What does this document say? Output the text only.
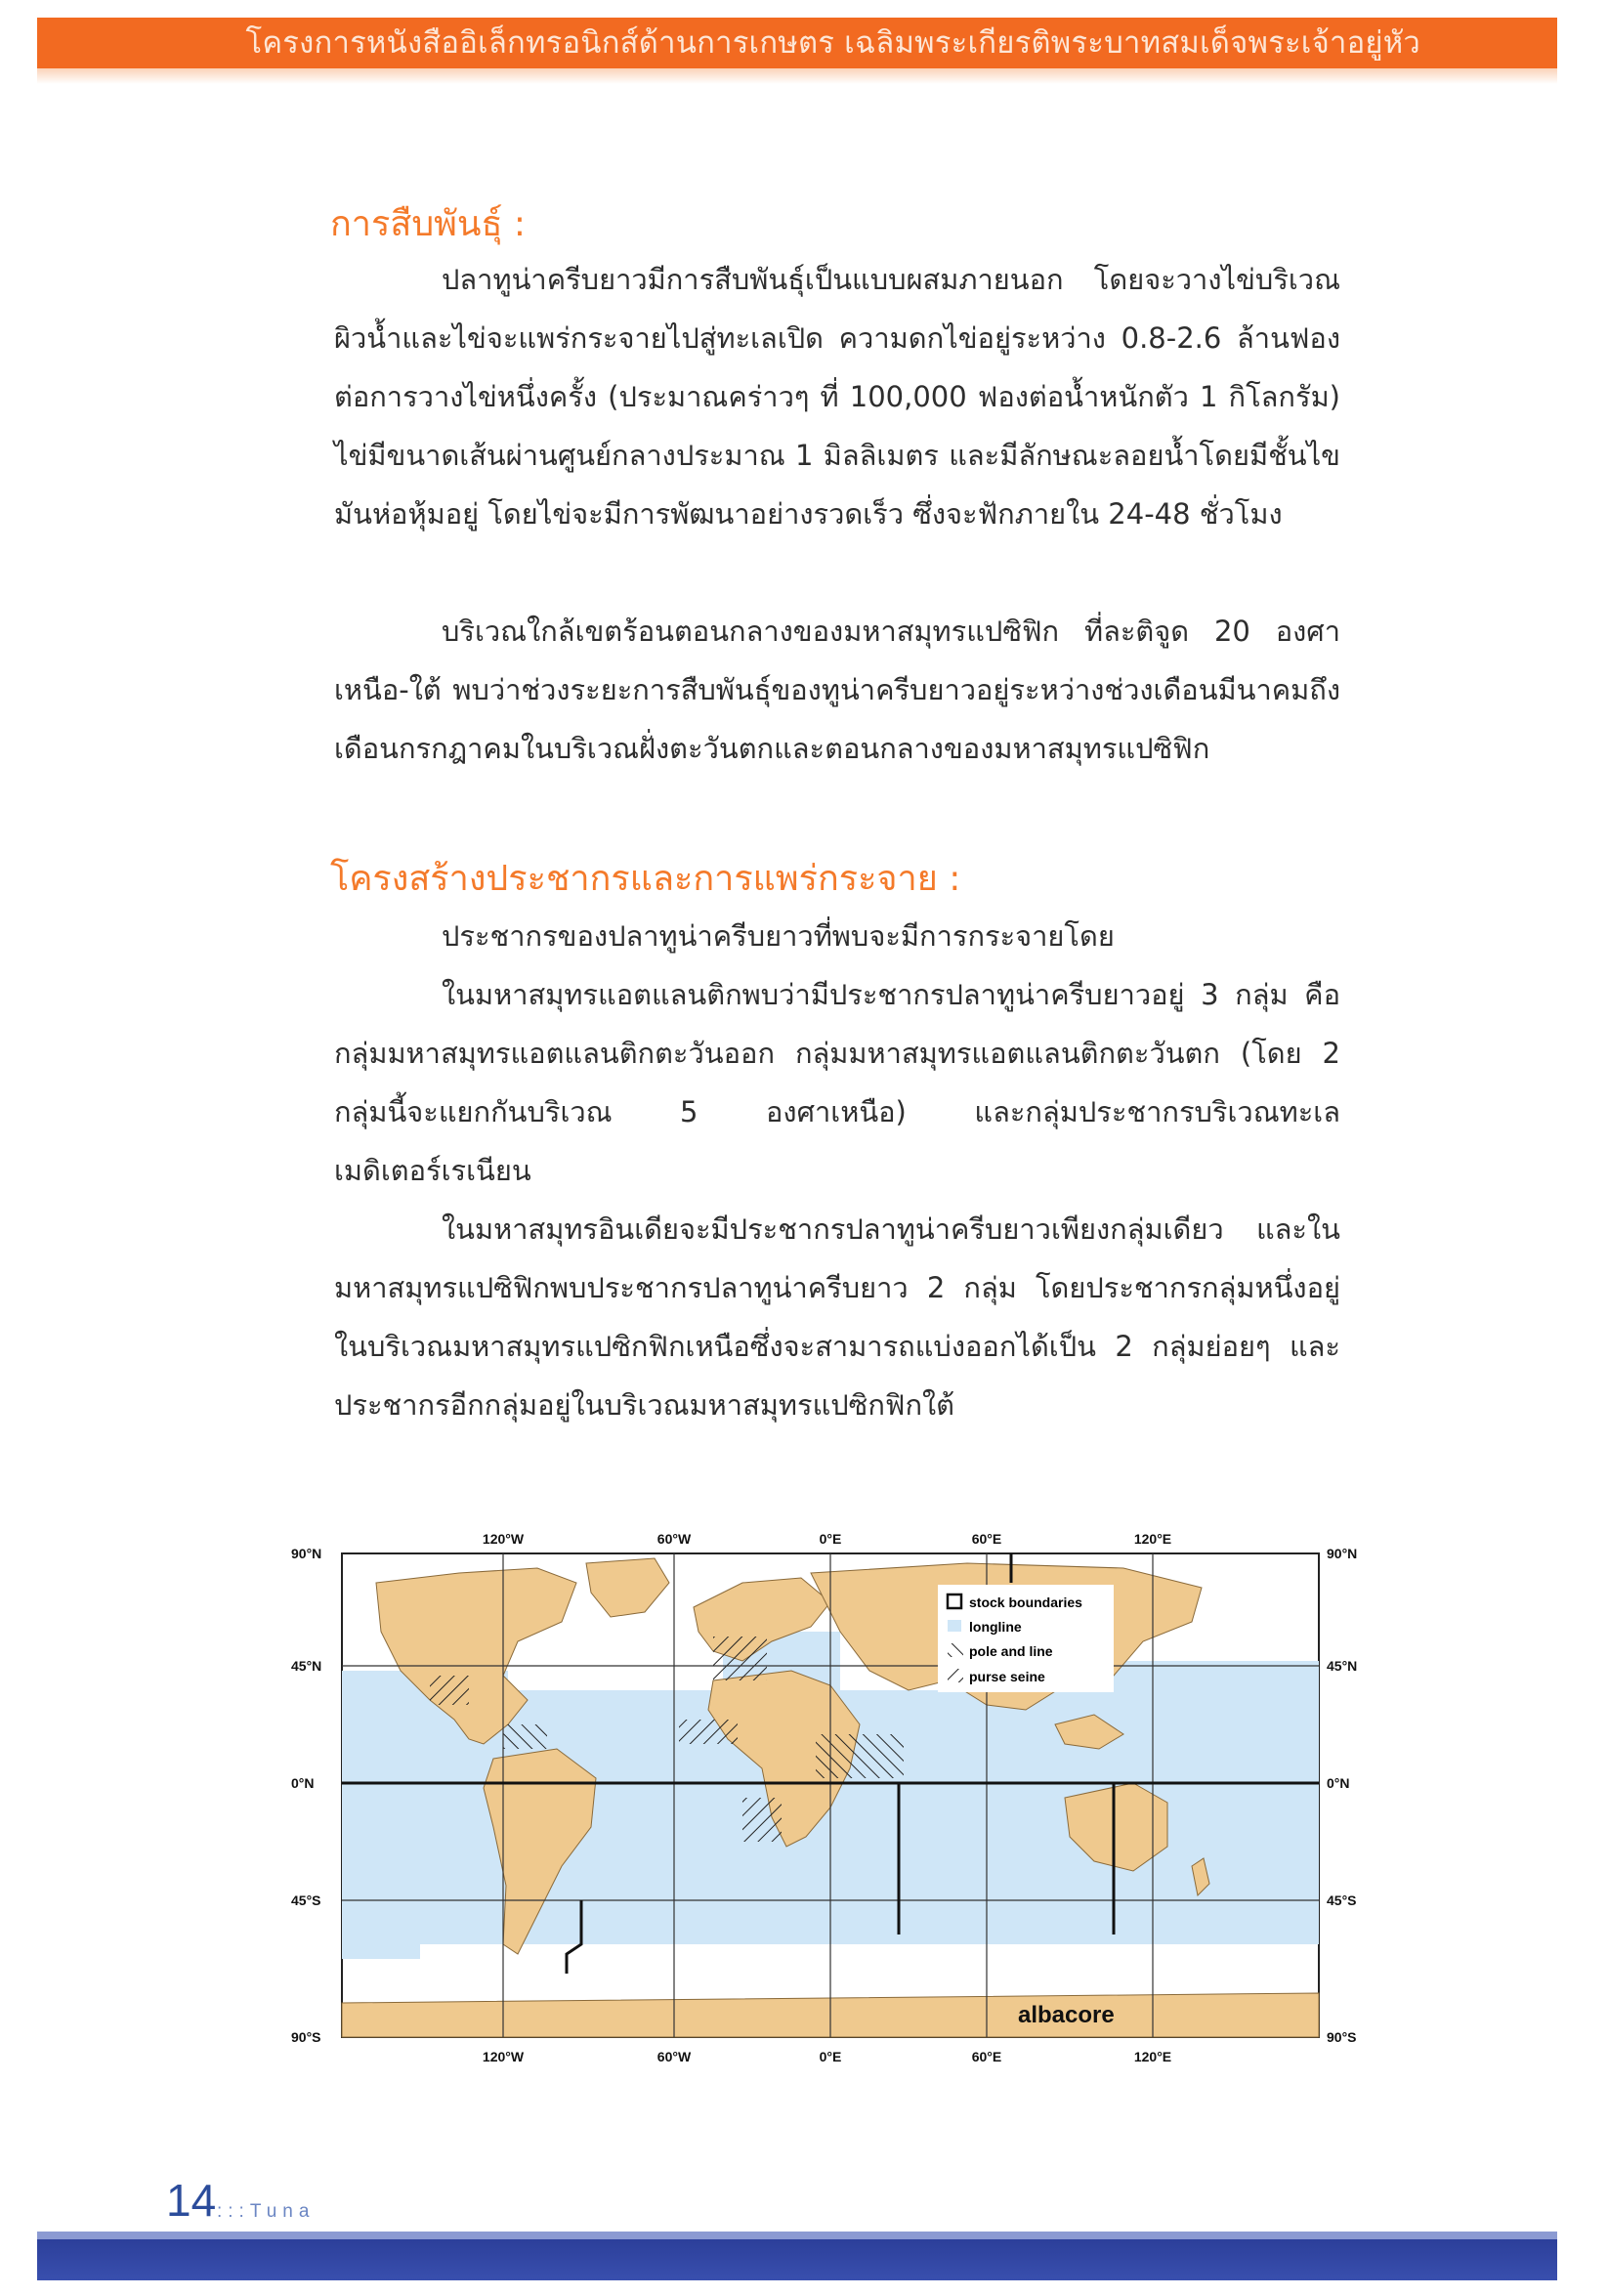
โครงการหนังสืออิเล็กทรอนิกส์ด้านการเกษตร เฉลิมพระเกียรติพระบาทสมเด็จพระเจ้าอยู่หัว
การสืบพันธุ์ :

ปลาทูน่าครีบยาวมีการสืบพันธุ์เป็นแบบผสมภายนอก โดยจะวางไข่บริเวณผิวน้ำและไข่จะแพร่กระจายไปสู่ทะเลเปิด ความดกไข่อยู่ระหว่าง 0.8-2.6 ล้านฟองต่อการวางไข่หนึ่งครั้ง (ประมาณคร่าวๆ ที่ 100,000 ฟองต่อน้ำหนักตัว 1 กิโลกรัม) ไข่มีขนาดเส้นผ่านศูนย์กลางประมาณ 1 มิลลิเมตร และมีลักษณะลอยน้ำโดยมีชั้นไขมันห่อหุ้มอยู่ โดยไข่จะมีการพัฒนาอย่างรวดเร็ว ซึ่งจะฟักภายใน 24-48 ชั่วโมง

บริเวณใกล้เขตร้อนตอนกลางของมหาสมุทรแปซิฟิก ที่ละติจูด 20 องศาเหนือ-ใต้ พบว่าช่วงระยะการสืบพันธุ์ของทูน่าครีบยาวอยู่ระหว่างช่วงเดือนมีนาคมถึงเดือนกรกฎาคมในบริเวณฝั่งตะวันตกและตอนกลางของมหาสมุทรแปซิฟิก

โครงสร้างประชากรและการแพร่กระจาย :

ประชากรของปลาทูน่าครีบยาวที่พบจะมีการกระจายโดย

ในมหาสมุทรแอตแลนติกพบว่ามีประชากรปลาทูน่าครีบยาวอยู่ 3 กลุ่ม คือ กลุ่มมหาสมุทรแอตแลนติกตะวันออก กลุ่มมหาสมุทรแอตแลนติกตะวันตก (โดย 2 กลุ่มนี้จะแยกกันบริเวณ 5 องศาเหนือ) และกลุ่มประชากรบริเวณทะเลเมดิเตอร์เรเนียน

ในมหาสมุทรอินเดียจะมีประชากรปลาทูน่าครีบยาวเพียงกลุ่มเดียว และในมหาสมุทรแปซิฟิกพบประชากรปลาทูน่าครีบยาว 2 กลุ่ม โดยประชากรกลุ่มหนึ่งอยู่ในบริเวณมหาสมุทรแปซิกฟิกเหนือซึ่งจะสามารถแบ่งออกได้เป็น 2 กลุ่มย่อยๆ และประชากรอีกกลุ่มอยู่ในบริเวณมหาสมุทรแปซิกฟิกใต้

stock boundaries
longline
pole and line
purse seine
albacore
120°W	60°W	0°E	60°E	120°E
120°W	60°W	0°E	60°E	120°E
90°N
45°N
0°N
45°S
90°S
90°N
45°N
0°N
45°S
90°S
14 :::Tuna
